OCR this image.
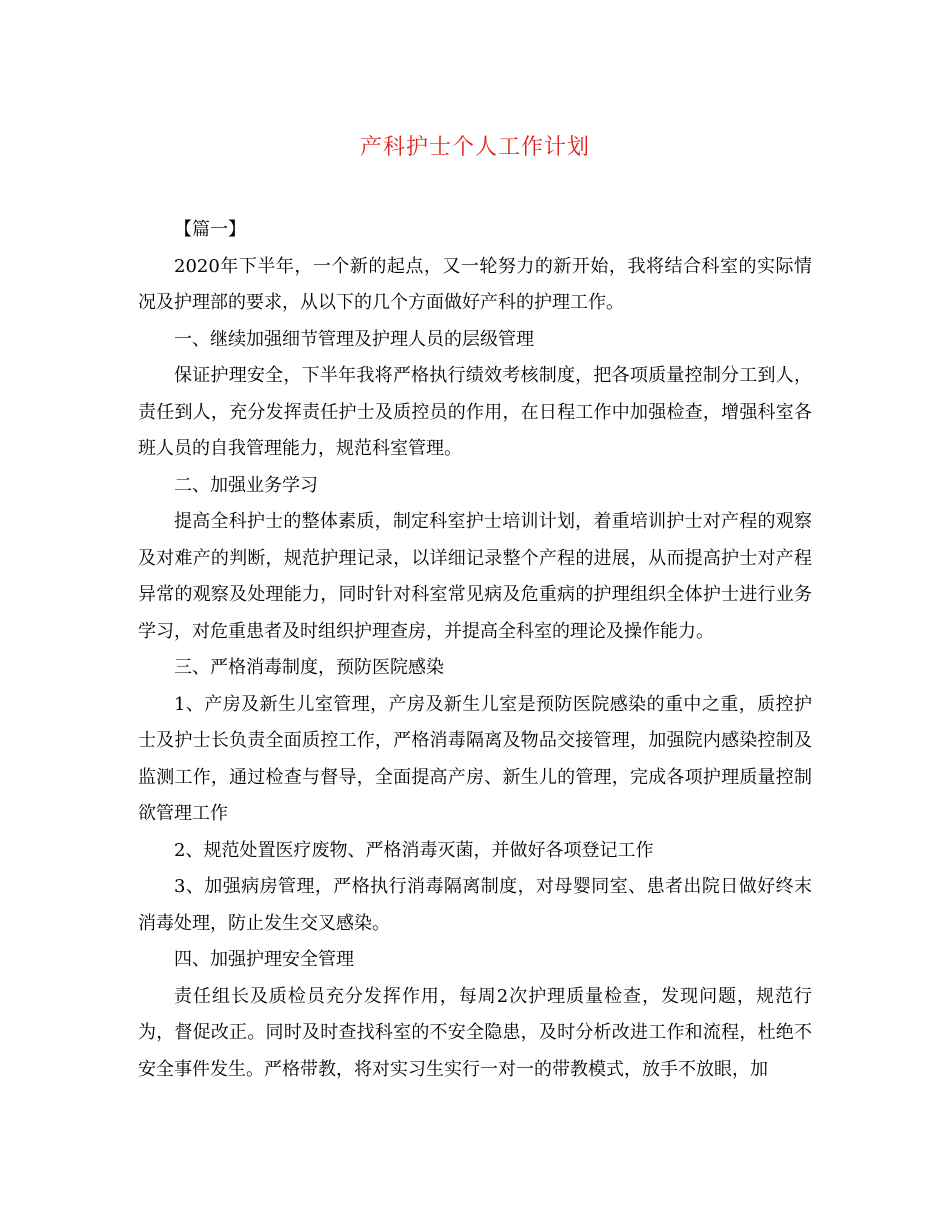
产科护士个人工作计划

【篇一】

2020年下半年，一个新的起点，又一轮努力的新开始，我将结合科室的实际情况及护理部的要求，从以下的几个方面做好产科的护理工作。

一、继续加强细节管理及护理人员的层级管理

保证护理安全，下半年我将严格执行绩效考核制度，把各项质量控制分工到人，责任到人，充分发挥责任护士及质控员的作用，在日程工作中加强检查，增强科室各班人员的自我管理能力，规范科室管理。

二、加强业务学习

提高全科护士的整体素质，制定科室护士培训计划，着重培训护士对产程的观察及对难产的判断，规范护理记录，以详细记录整个产程的进展，从而提高护士对产程异常的观察及处理能力，同时针对科室常见病及危重病的护理组织全体护士进行业务学习，对危重患者及时组织护理查房，并提高全科室的理论及操作能力。

三、严格消毒制度，预防医院感染

1、产房及新生儿室管理，产房及新生儿室是预防医院感染的重中之重，质控护士及护士长负责全面质控工作，严格消毒隔离及物品交接管理，加强院内感染控制及监测工作，通过检查与督导，全面提高产房、新生儿的管理，完成各项护理质量控制欲管理工作

2、规范处置医疗废物、严格消毒灭菌，并做好各项登记工作

3、加强病房管理，严格执行消毒隔离制度，对母婴同室、患者出院日做好终末消毒处理，防止发生交叉感染。

四、加强护理安全管理

责任组长及质检员充分发挥作用，每周2次护理质量检查，发现问题，规范行为，督促改正。同时及时查找科室的不安全隐患，及时分析改进工作和流程，杜绝不安全事件发生。严格带教，将对实习生实行一对一的带教模式，放手不放眼，加
